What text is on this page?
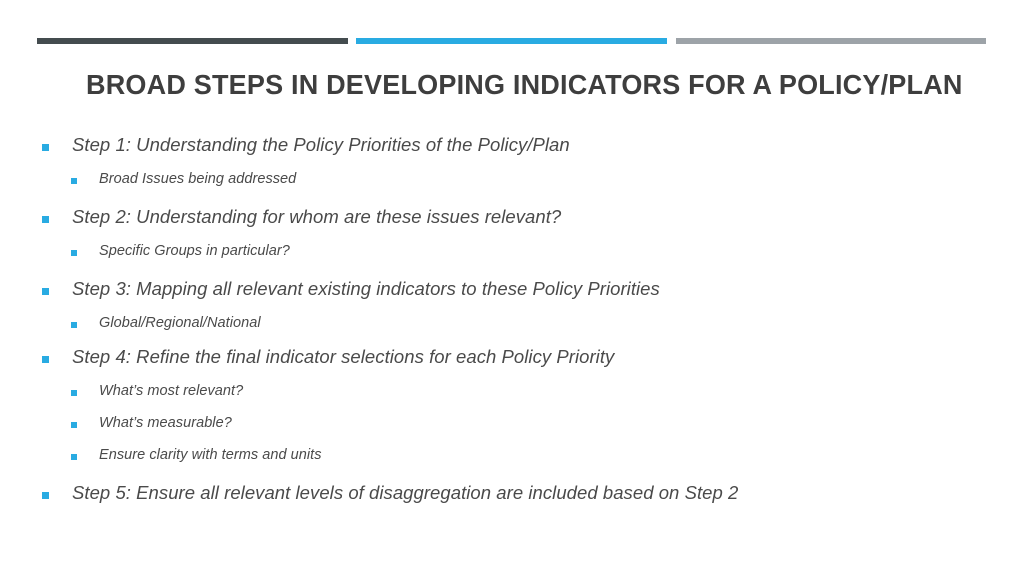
BROAD STEPS IN DEVELOPING INDICATORS FOR A POLICY/PLAN
Step 1: Understanding the Policy Priorities of the Policy/Plan
Broad Issues being addressed
Step 2: Understanding for whom are these issues relevant?
Specific Groups in particular?
Step 3: Mapping all relevant existing indicators to these Policy Priorities
Global/Regional/National
Step 4: Refine the final indicator selections for each Policy Priority
What’s most relevant?
What’s measurable?
Ensure clarity with terms and units
Step 5: Ensure all relevant levels of disaggregation are included based on Step 2
